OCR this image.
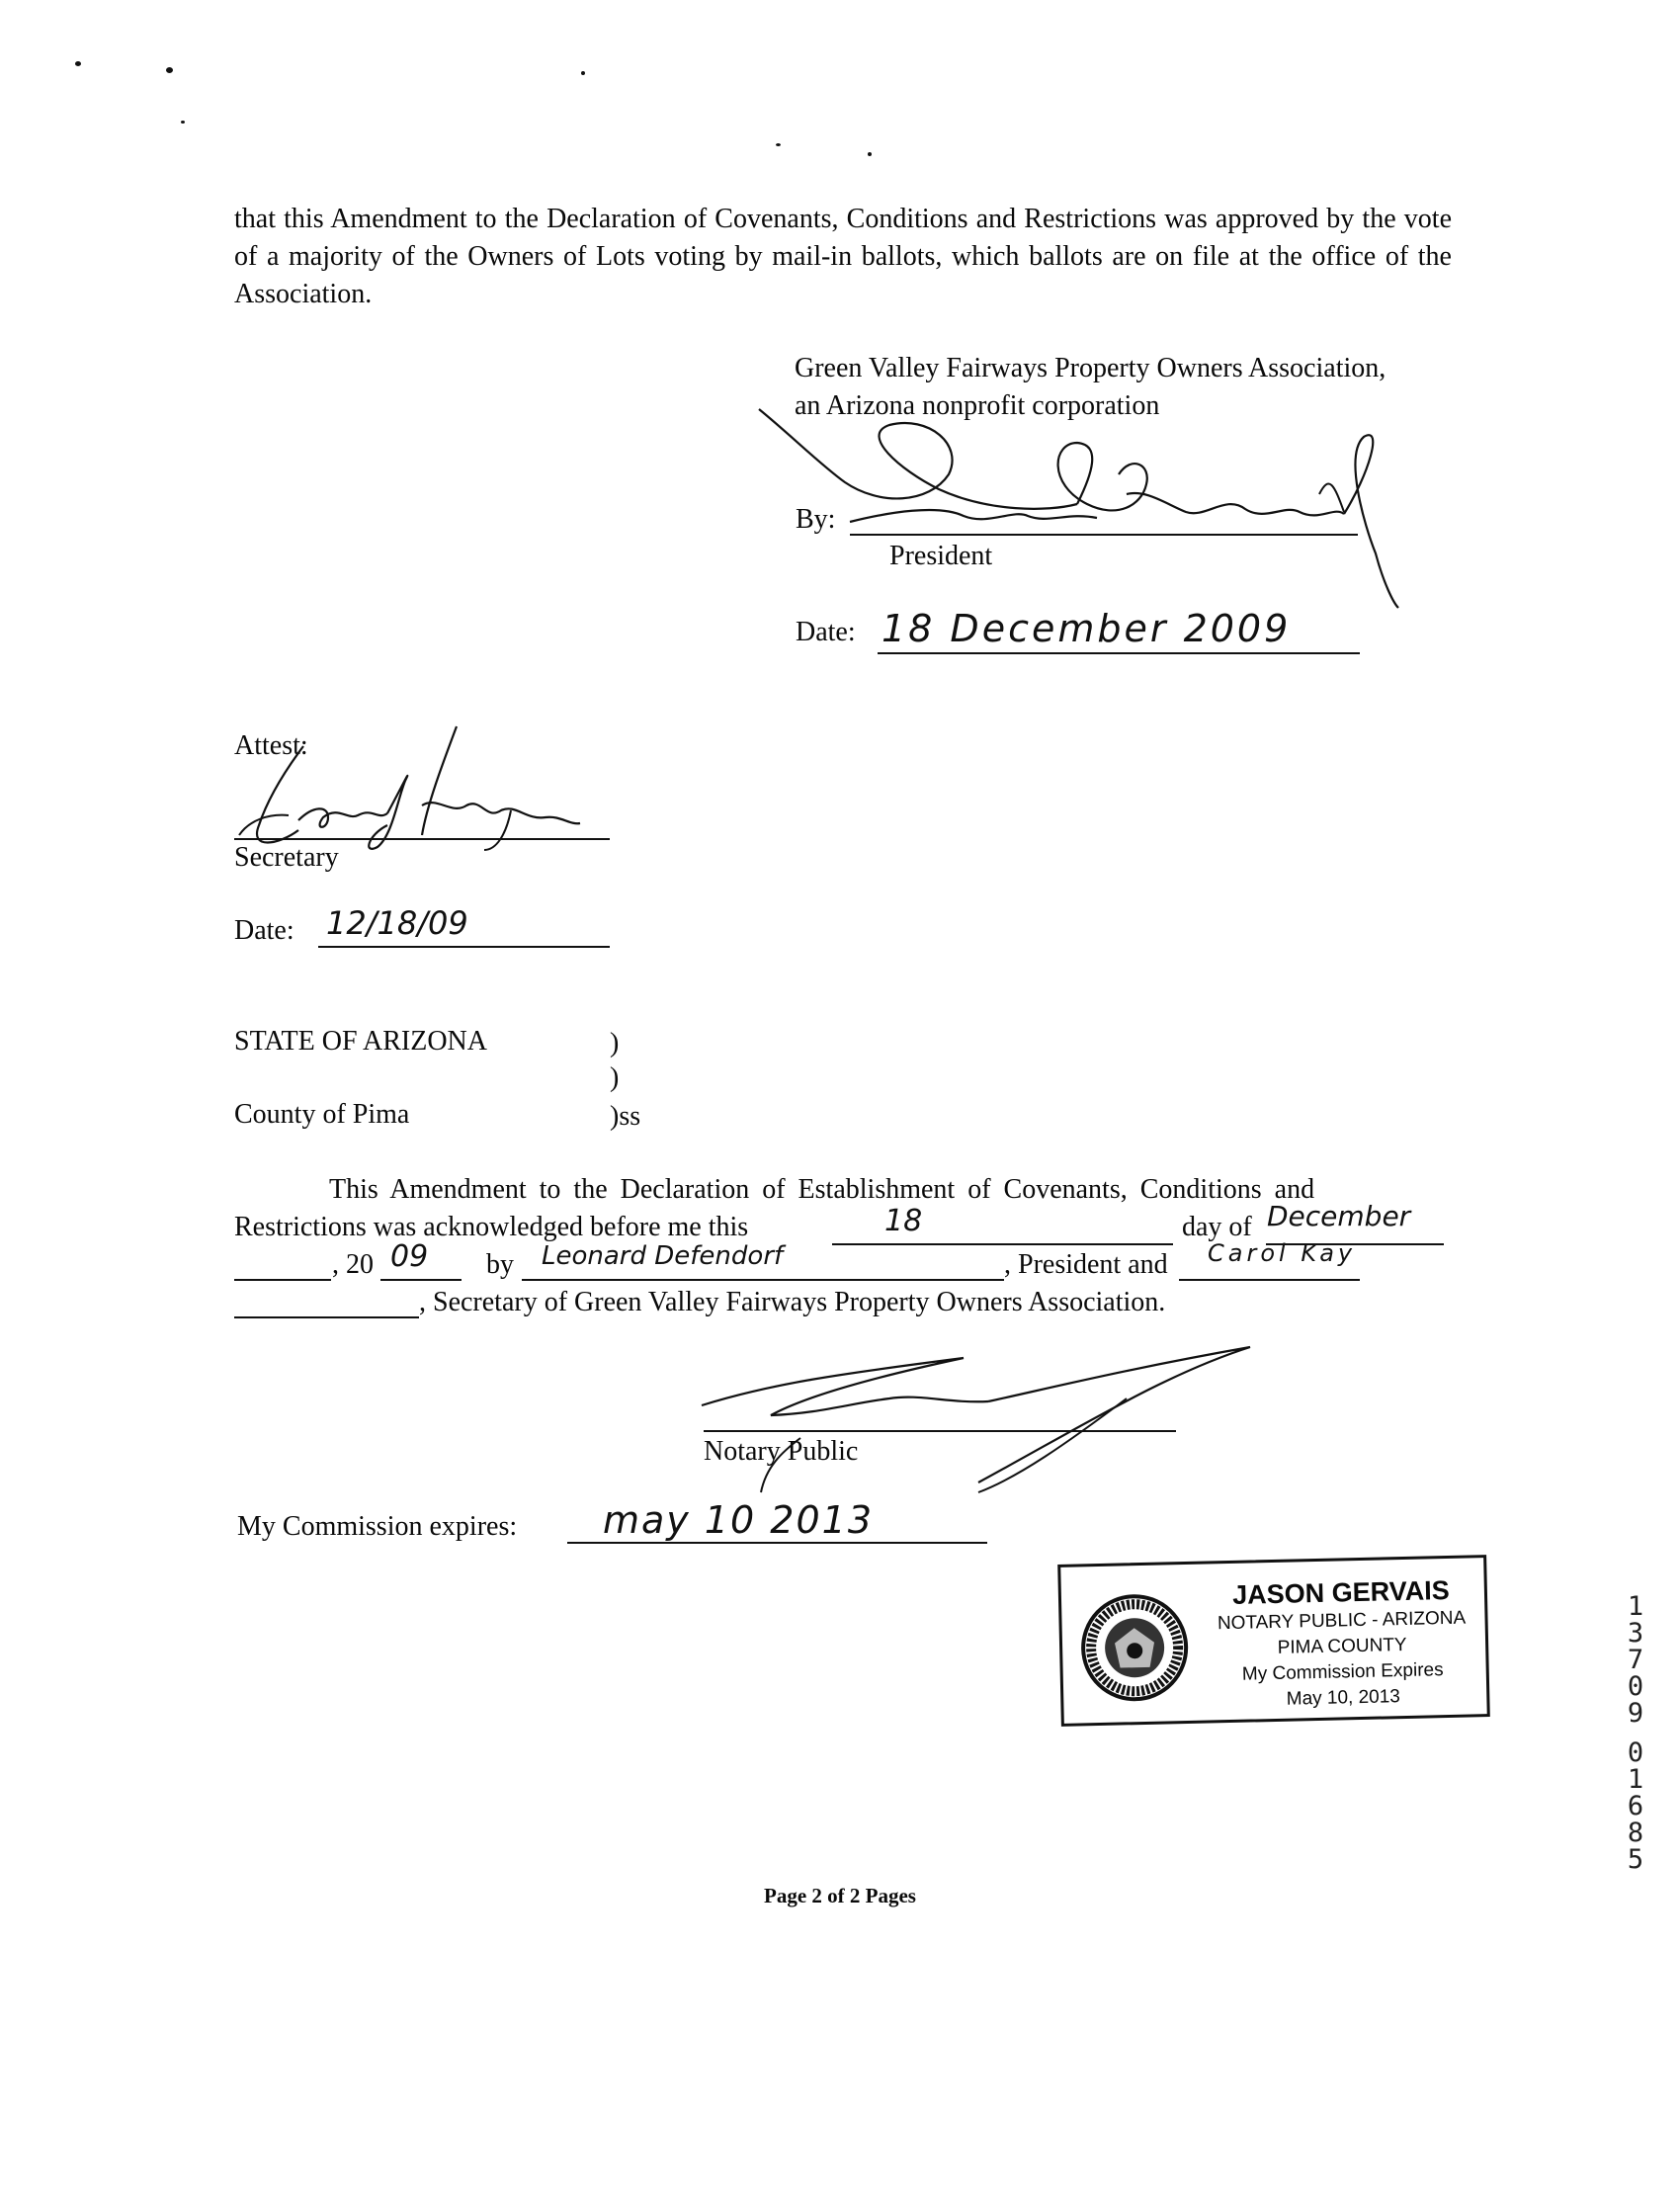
that this Amendment to the Declaration of Covenants, Conditions and Restrictions was approved by the vote of a majority of the Owners of Lots voting by mail-in ballots, which ballots are on file at the office of the Association.
Green Valley Fairways Property Owners Association,
an Arizona nonprofit corporation
By:
President
Date: 18 December 2009
Attest:
Secretary
Date: 12/18/09
STATE OF ARIZONA	)
)
County of Pima	)ss
This Amendment to the Declaration of Establishment of Covenants, Conditions and
Restrictions was acknowledged before me this	18	day of December
, 20 09 by Leonard Defendorf	, President and Carol Kay
, Secretary of Green Valley Fairways Property Owners Association.
Notary Public
My Commission expires: may 10 2013
JASON GERVAIS
NOTARY PUBLIC - ARIZONA
PIMA COUNTY
My Commission Expires
May 10, 2013
13709
01685
Page 2 of 2 Pages
